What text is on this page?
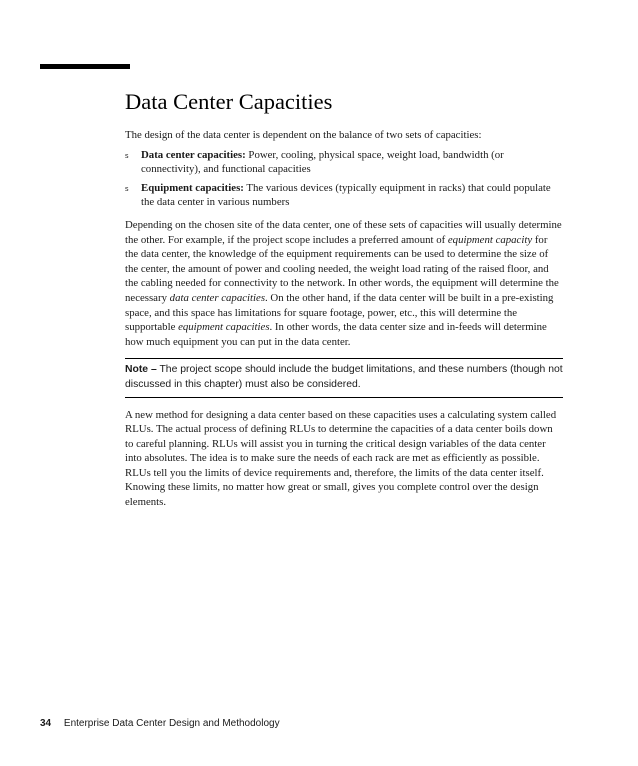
Data Center Capacities

The design of the data center is dependent on the balance of two sets of capacities:

s Data center capacities: Power, cooling, physical space, weight load, bandwidth (or connectivity), and functional capacities
s Equipment capacities: The various devices (typically equipment in racks) that could populate the data center in various numbers

Depending on the chosen site of the data center, one of these sets of capacities will usually determine the other. For example, if the project scope includes a preferred amount of equipment capacity for the data center, the knowledge of the equipment requirements can be used to determine the size of the center, the amount of power and cooling needed, the weight load rating of the raised floor, and the cabling needed for connectivity to the network. In other words, the equipment will determine the necessary data center capacities. On the other hand, if the data center will be built in a pre-existing space, and this space has limitations for square footage, power, etc., this will determine the supportable equipment capacities. In other words, the data center size and in-feeds will determine how much equipment you can put in the data center.

Note – The project scope should include the budget limitations, and these numbers (though not discussed in this chapter) must also be considered.

A new method for designing a data center based on these capacities uses a calculating system called RLUs. The actual process of defining RLUs to determine the capacities of a data center boils down to careful planning. RLUs will assist you in turning the critical design variables of the data center into absolutes. The idea is to make sure the needs of each rack are met as efficiently as possible. RLUs tell you the limits of device requirements and, therefore, the limits of the data center itself. Knowing these limits, no matter how great or small, gives you complete control over the design elements.

34 Enterprise Data Center Design and Methodology
